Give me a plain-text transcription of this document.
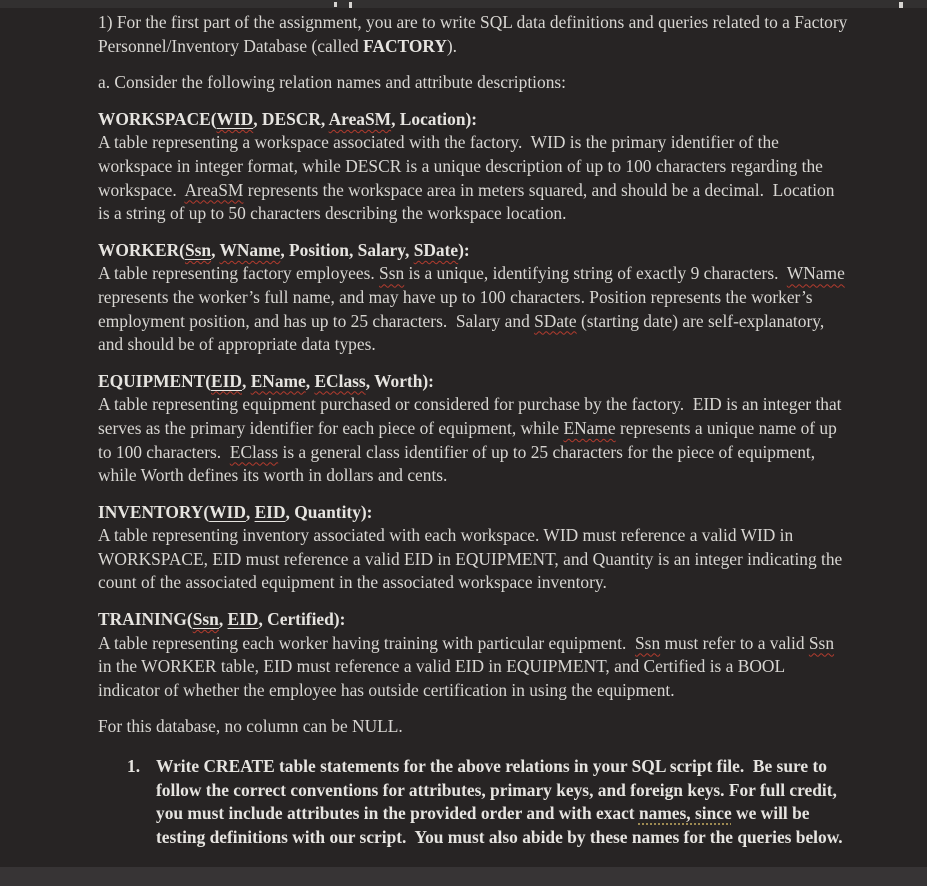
1) For the first part of the assignment, you are to write SQL data definitions and queries related to a Factory Personnel/Inventory Database (called FACTORY).

a. Consider the following relation names and attribute descriptions:

WORKSPACE(WID, DESCR, AreaSM, Location):
A table representing a workspace associated with the factory.  WID is the primary identifier of the workspace in integer format, while DESCR is a unique description of up to 100 characters regarding the workspace.  AreaSM represents the workspace area in meters squared, and should be a decimal.  Location is a string of up to 50 characters describing the workspace location.

WORKER(Ssn, WName, Position, Salary, SDate):
A table representing factory employees. Ssn is a unique, identifying string of exactly 9 characters.  WName represents the worker’s full name, and may have up to 100 characters. Position represents the worker’s employment position, and has up to 25 characters.  Salary and SDate (starting date) are self-explanatory, and should be of appropriate data types.

EQUIPMENT(EID, EName, EClass, Worth):
A table representing equipment purchased or considered for purchase by the factory.  EID is an integer that serves as the primary identifier for each piece of equipment, while EName represents a unique name of up to 100 characters.  EClass is a general class identifier of up to 25 characters for the piece of equipment, while Worth defines its worth in dollars and cents.

INVENTORY(WID, EID, Quantity):
A table representing inventory associated with each workspace. WID must reference a valid WID in WORKSPACE, EID must reference a valid EID in EQUIPMENT, and Quantity is an integer indicating the count of the associated equipment in the associated workspace inventory.

TRAINING(Ssn, EID, Certified):
A table representing each worker having training with particular equipment.  Ssn must refer to a valid Ssn in the WORKER table, EID must reference a valid EID in EQUIPMENT, and Certified is a BOOL indicator of whether the employee has outside certification in using the equipment.

For this database, no column can be NULL.

1. Write CREATE table statements for the above relations in your SQL script file.  Be sure to follow the correct conventions for attributes, primary keys, and foreign keys. For full credit, you must include attributes in the provided order and with exact names, since we will be testing definitions with our script.  You must also abide by these names for the queries below.
